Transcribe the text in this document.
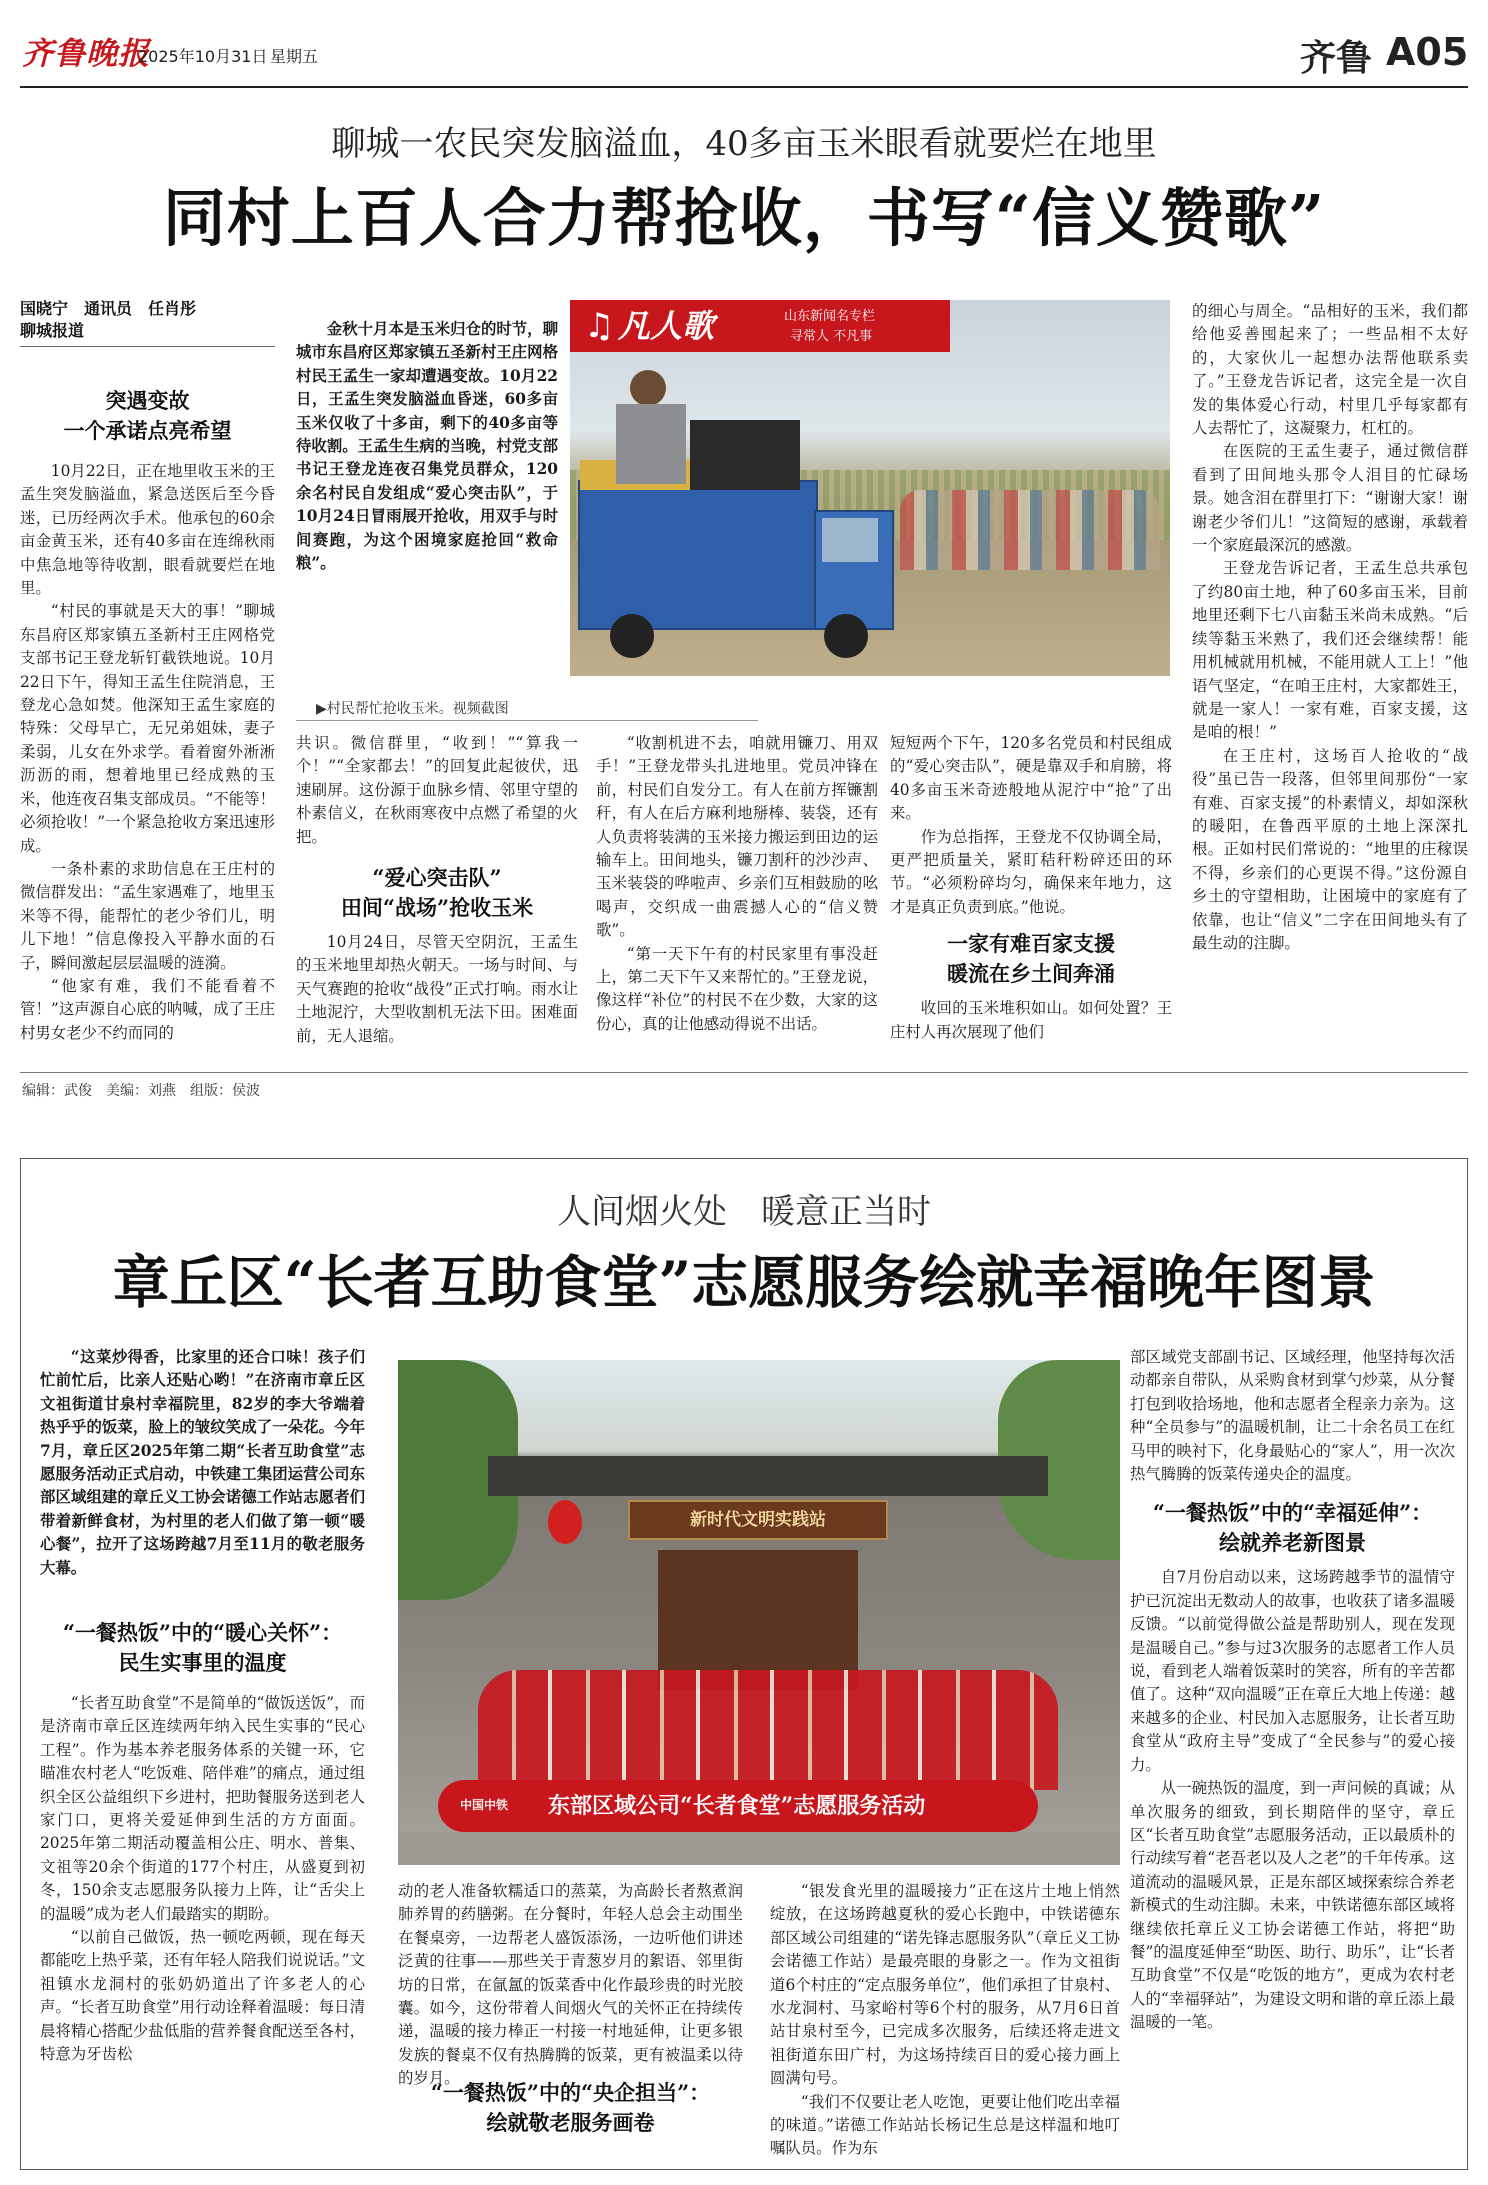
齐鲁晚报
2025年10月31日 星期五	齐鲁 A05
聊城一农民突发脑溢血，40多亩玉米眼看就要烂在地里
同村上百人合力帮抢收，书写“信义赞歌”
国晓宁　通讯员　任肖彤
聊城报道
突遇变故
一个承诺点亮希望

10月22日，正在地里收玉米的王孟生突发脑溢血，紧急送医后至今昏迷，已历经两次手术。他承包的60余亩金黄玉米，还有40多亩在连绵秋雨中焦急地等待收割，眼看就要烂在地里。

“村民的事就是天大的事！”聊城东昌府区郑家镇五圣新村王庄网格党支部书记王登龙斩钉截铁地说。10月22日下午，得知王孟生住院消息，王登龙心急如焚。他深知王孟生家庭的特殊：父母早亡，无兄弟姐妹，妻子柔弱，儿女在外求学。看着窗外淅淅沥沥的雨，想着地里已经成熟的玉米，他连夜召集支部成员。“不能等！必须抢收！”一个紧急抢收方案迅速形成。

一条朴素的求助信息在王庄村的微信群发出：“孟生家遇难了，地里玉米等不得，能帮忙的老少爷们儿，明儿下地！”信息像投入平静水面的石子，瞬间激起层层温暖的涟漪。

“他家有难，我们不能看着不管！”这声源自心底的呐喊，成了王庄村男女老少不约而同的

金秋十月本是玉米归仓的时节，聊城市东昌府区郑家镇五圣新村王庄网格村民王孟生一家却遭遇变故。10月22日，王孟生突发脑溢血昏迷，60多亩玉米仅收了十多亩，剩下的40多亩等待收割。王孟生生病的当晚，村党支部书记王登龙连夜召集党员群众，120余名村民自发组成“爱心突击队”，于10月24日冒雨展开抢收，用双手与时间赛跑，为这个困境家庭抢回“救命粮”。

凡人歌	山东新闻名专栏
寻常人 不凡事
♫
▶村民帮忙抢收玉米。视频截图

共识。微信群里，“收到！”“算我一个！”“全家都去！”的回复此起彼伏，迅速刷屏。这份源于血脉乡情、邻里守望的朴素信义，在秋雨寒夜中点燃了希望的火把。

“爱心突击队”
田间“战场”抢收玉米

10月24日，尽管天空阴沉，王孟生的玉米地里却热火朝天。一场与时间、与天气赛跑的抢收“战役”正式打响。雨水让土地泥泞，大型收割机无法下田。困难面前，无人退缩。

“收割机进不去，咱就用镰刀、用双手！”王登龙带头扎进地里。党员冲锋在前，村民们自发分工。有人在前方挥镰割秆，有人在后方麻利地掰棒、装袋，还有人负责将装满的玉米接力搬运到田边的运输车上。田间地头，镰刀割秆的沙沙声、玉米装袋的哗啦声、乡亲们互相鼓励的吆喝声，交织成一曲震撼人心的“信义赞歌”。

“第一天下午有的村民家里有事没赶上，第二天下午又来帮忙的。”王登龙说，像这样“补位”的村民不在少数，大家的这份心，真的让他感动得说不出话。

短短两个下午，120多名党员和村民组成的“爱心突击队”，硬是靠双手和肩膀，将40多亩玉米奇迹般地从泥泞中“抢”了出来。

作为总指挥，王登龙不仅协调全局，更严把质量关，紧盯秸秆粉碎还田的环节。“必须粉碎均匀，确保来年地力，这才是真正负责到底。”他说。

一家有难百家支援
暖流在乡土间奔涌

收回的玉米堆积如山。如何处置？王庄村人再次展现了他们

的细心与周全。“品相好的玉米，我们都给他妥善囤起来了；一些品相不太好的，大家伙儿一起想办法帮他联系卖了。”王登龙告诉记者，这完全是一次自发的集体爱心行动，村里几乎每家都有人去帮忙了，这凝聚力，杠杠的。

在医院的王孟生妻子，通过微信群看到了田间地头那令人泪目的忙碌场景。她含泪在群里打下：“谢谢大家！谢谢老少爷们儿！”这简短的感谢，承载着一个家庭最深沉的感激。

王登龙告诉记者，王孟生总共承包了约80亩土地，种了60多亩玉米，目前地里还剩下七八亩黏玉米尚未成熟。“后续等黏玉米熟了，我们还会继续帮！能用机械就用机械，不能用就人工上！”他语气坚定，“在咱王庄村，大家都姓王，就是一家人！一家有难，百家支援，这是咱的根！”

在王庄村，这场百人抢收的“战役”虽已告一段落，但邻里间那份“一家有难、百家支援”的朴素情义，却如深秋的暖阳，在鲁西平原的土地上深深扎根。正如村民们常说的：“地里的庄稼误不得，乡亲们的心更误不得。”这份源自乡土的守望相助，让困境中的家庭有了依靠，也让“信义”二字在田间地头有了最生动的注脚。

编辑：武俊　美编：刘燕　组版：侯波
人间烟火处　暖意正当时
章丘区“长者互助食堂”志愿服务绘就幸福晚年图景

“这菜炒得香，比家里的还合口味！孩子们忙前忙后，比亲人还贴心哟！”在济南市章丘区文祖街道甘泉村幸福院里，82岁的李大爷端着热乎乎的饭菜，脸上的皱纹笑成了一朵花。今年7月，章丘区2025年第二期“长者互助食堂”志愿服务活动正式启动，中铁建工集团运营公司东部区域组建的章丘义工协会诺德工作站志愿者们带着新鲜食材，为村里的老人们做了第一顿“暖心餐”，拉开了这场跨越7月至11月的敬老服务大幕。

“一餐热饭”中的“暖心关怀”：
民生实事里的温度

“长者互助食堂”不是简单的“做饭送饭”，而是济南市章丘区连续两年纳入民生实事的“民心工程”。作为基本养老服务体系的关键一环，它瞄准农村老人“吃饭难、陪伴难”的痛点，通过组织全区公益组织下乡进村，把助餐服务送到老人家门口，更将关爱延伸到生活的方方面面。2025年第二期活动覆盖相公庄、明水、普集、文祖等20余个街道的177个村庄，从盛夏到初冬，150余支志愿服务队接力上阵，让“舌尖上的温暖”成为老人们最踏实的期盼。

“以前自己做饭，热一顿吃两顿，现在每天都能吃上热乎菜，还有年轻人陪我们说说话。”文祖镇水龙洞村的张奶奶道出了许多老人的心声。“长者互助食堂”用行动诠释着温暖：每日清晨将精心搭配少盐低脂的营养餐食配送至各村，特意为牙齿松

新时代文明实践站
中国中铁 东部区域公司“长者食堂”志愿服务活动

动的老人准备软糯适口的蒸菜，为高龄长者熬煮润肺养胃的药膳粥。在分餐时，年轻人总会主动围坐在餐桌旁，一边帮老人盛饭添汤，一边听他们讲述泛黄的往事——那些关于青葱岁月的絮语、邻里街坊的日常，在氤氲的饭菜香中化作最珍贵的时光胶囊。如今，这份带着人间烟火气的关怀正在持续传递，温暖的接力棒正一村接一村地延伸，让更多银发族的餐桌不仅有热腾腾的饭菜，更有被温柔以待的岁月。

“一餐热饭”中的“央企担当”：
绘就敬老服务画卷

“银发食光里的温暖接力”正在这片土地上悄然绽放，在这场跨越夏秋的爱心长跑中，中铁诺德东部区域公司组建的“诺先锋志愿服务队”（章丘义工协会诺德工作站）是最亮眼的身影之一。作为文祖街道6个村庄的“定点服务单位”，他们承担了甘泉村、水龙洞村、马家峪村等6个村的服务，从7月6日首站甘泉村至今，已完成多次服务，后续还将走进文祖街道东田广村，为这场持续百日的爱心接力画上圆满句号。

“我们不仅要让老人吃饱，更要让他们吃出幸福的味道。”诺德工作站站长杨记生总是这样温和地叮嘱队员。作为东

部区域党支部副书记、区域经理，他坚持每次活动都亲自带队，从采购食材到掌勺炒菜，从分餐打包到收拾场地，他和志愿者全程亲力亲为。这种“全员参与”的温暖机制，让二十余名员工在红马甲的映衬下，化身最贴心的“家人”，用一次次热气腾腾的饭菜传递央企的温度。

“一餐热饭”中的“幸福延伸”：
绘就养老新图景

自7月份启动以来，这场跨越季节的温情守护已沉淀出无数动人的故事，也收获了诸多温暖反馈。“以前觉得做公益是帮助别人，现在发现是温暖自己。”参与过3次服务的志愿者工作人员说，看到老人端着饭菜时的笑容，所有的辛苦都值了。这种“双向温暖”正在章丘大地上传递：越来越多的企业、村民加入志愿服务，让长者互助食堂从“政府主导”变成了“全民参与”的爱心接力。

从一碗热饭的温度，到一声问候的真诚；从单次服务的细致，到长期陪伴的坚守，章丘区“长者互助食堂”志愿服务活动，正以最质朴的行动续写着“老吾老以及人之老”的千年传承。这道流动的温暖风景，正是东部区域探索综合养老新模式的生动注脚。未来，中铁诺德东部区域将继续依托章丘义工协会诺德工作站，将把“助餐”的温度延伸至“助医、助行、助乐”，让“长者互助食堂”不仅是“吃饭的地方”，更成为农村老人的“幸福驿站”，为建设文明和谐的章丘添上最温暖的一笔。
